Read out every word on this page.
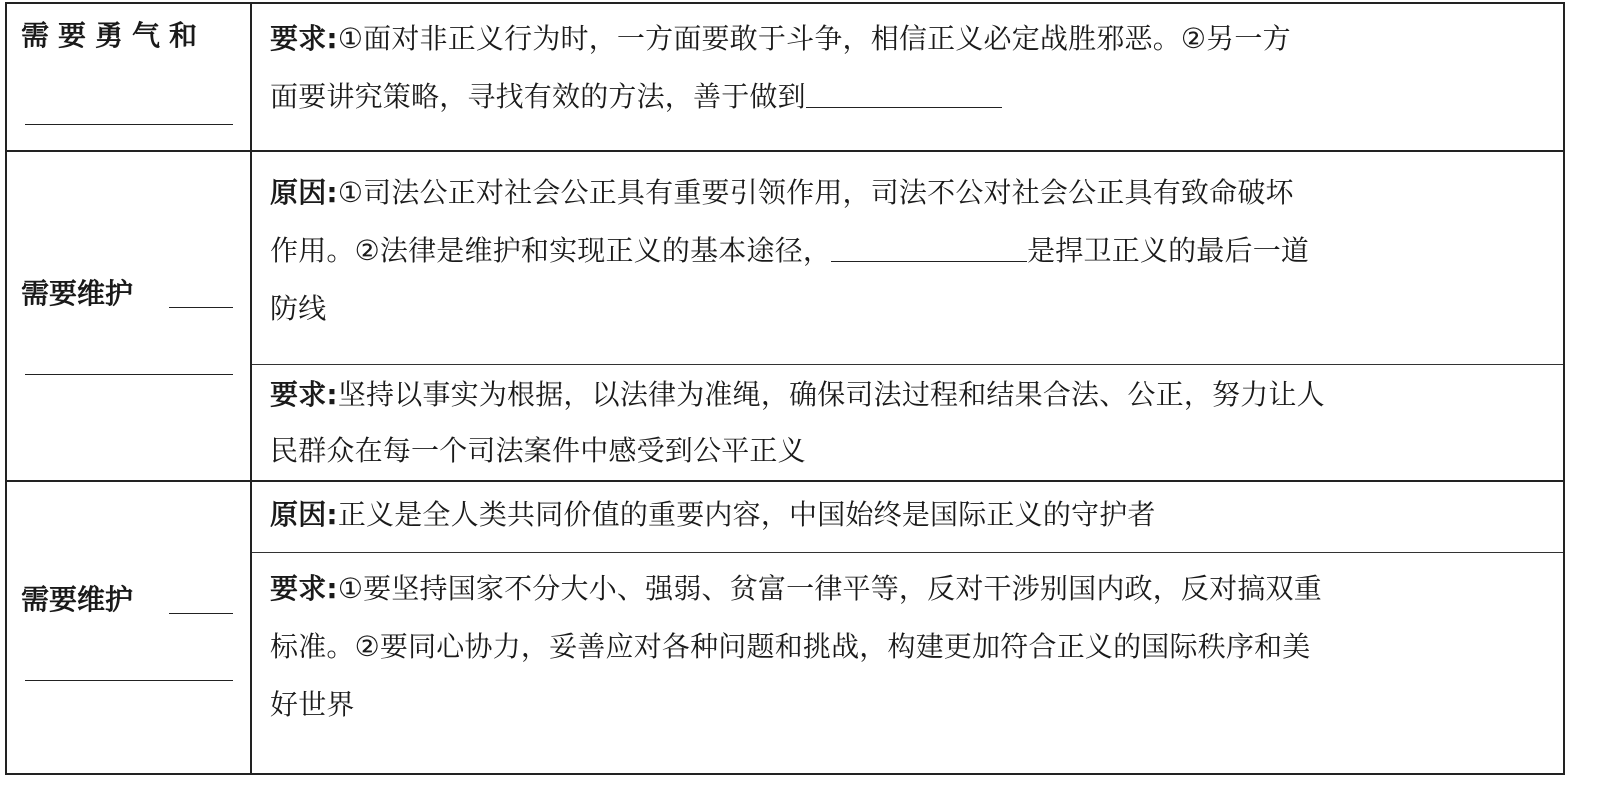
需要勇气和 要求:①面对非正义行为时，一方面要敢于斗争，相信正义必定战胜邪恶。②另一方
面要讲究策略，寻找有效的方法，善于做到
需要维护
原因:①司法公正对社会公正具有重要引领作用，司法不公对社会公正具有致命破坏
作用。②法律是维护和实现正义的基本途径，	是捍卫正义的最后一道
防线
要求:坚持以事实为根据，以法律为准绳，确保司法过程和结果合法、公正，努力让人
民群众在每一个司法案件中感受到公平正义
需要维护
原因:正义是全人类共同价值的重要内容，中国始终是国际正义的守护者
要求:①要坚持国家不分大小、强弱、贫富一律平等，反对干涉别国内政，反对搞双重
标准。②要同心协力，妥善应对各种问题和挑战，构建更加符合正义的国际秩序和美
好世界
